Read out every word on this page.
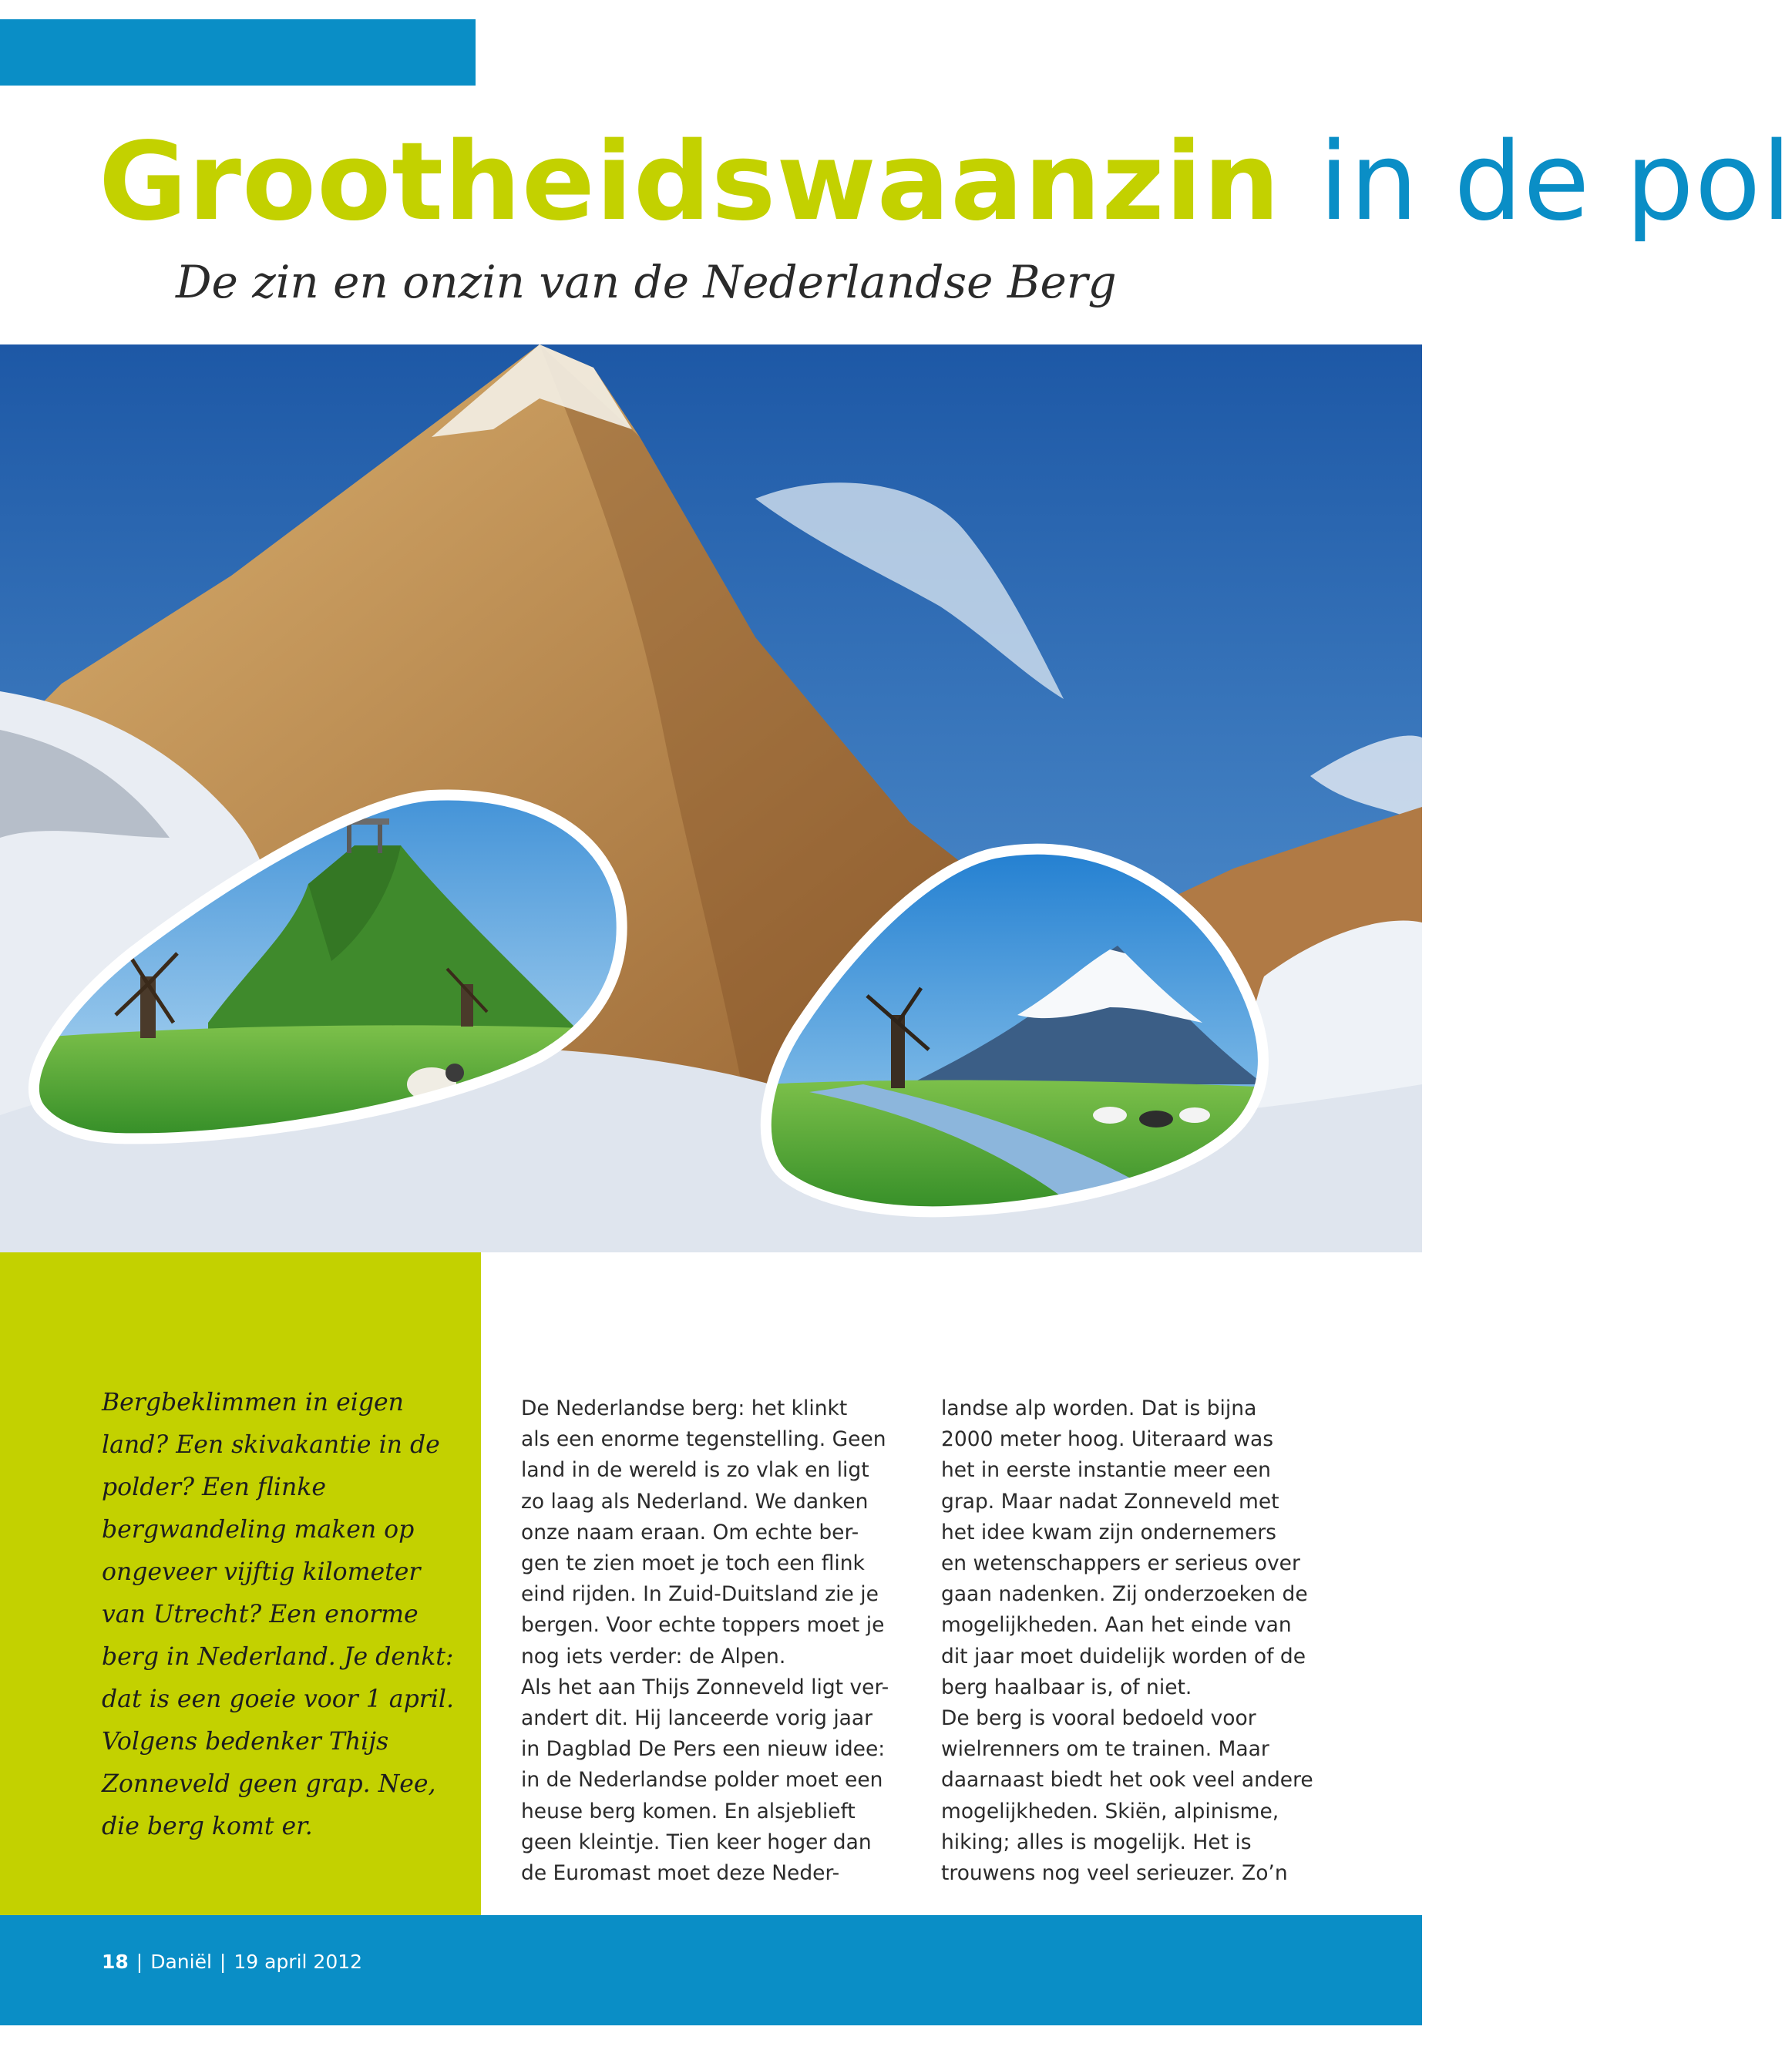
Grootheidswaanzin in de pol

De zin en onzin van de Nederlandse Berg

Bergbeklimmen in eigen land? Een skivakantie in de polder? Een flinke bergwandeling maken op ongeveer vijftig kilometer van Utrecht? Een enorme berg in Nederland. Je denkt: dat is een goeie voor 1 april. Volgens bedenker Thijs Zonneveld geen grap. Nee, die berg komt er.

De Nederlandse berg: het klinkt
als een enorme tegenstelling. Geen
land in de wereld is zo vlak en ligt
zo laag als Nederland. We danken
onze naam eraan. Om echte ber-
gen te zien moet je toch een flink
eind rijden. In Zuid-Duitsland zie je
bergen. Voor echte toppers moet je
nog iets verder: de Alpen.
Als het aan Thijs Zonneveld ligt ver-
andert dit. Hij lanceerde vorig jaar
in Dagblad De Pers een nieuw idee:
in de Nederlandse polder moet een
heuse berg komen. En alsjeblieft
geen kleintje. Tien keer hoger dan
de Euromast moet deze Neder-
landse alp worden. Dat is bijna
2000 meter hoog. Uiteraard was
het in eerste instantie meer een
grap. Maar nadat Zonneveld met
het idee kwam zijn ondernemers
en wetenschappers er serieus over
gaan nadenken. Zij onderzoeken de
mogelijkheden. Aan het einde van
dit jaar moet duidelijk worden of de
berg haalbaar is, of niet.
De berg is vooral bedoeld voor
wielrenners om te trainen. Maar
daarnaast biedt het ook veel andere
mogelijkheden. Skiën, alpinisme,
hiking; alles is mogelijk. Het is
trouwens nog veel serieuzer. Zo’n

18 | Daniël | 19 april 2012
